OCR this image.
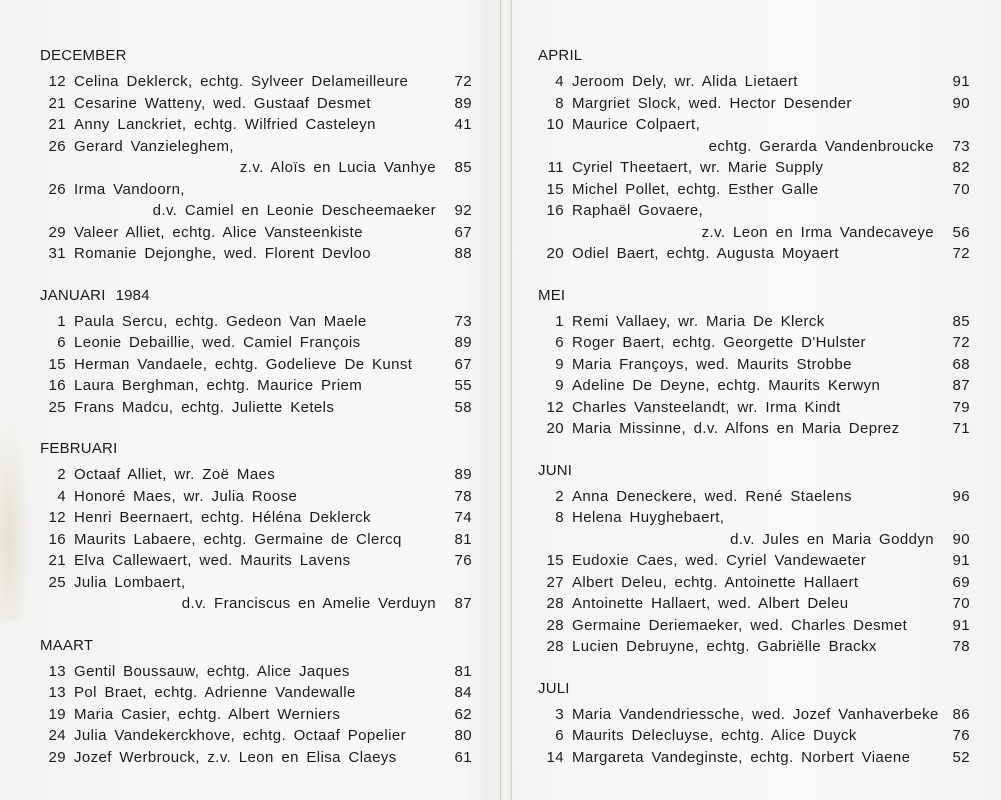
DECEMBER
12 Celina Deklerck, echtg. Sylveer Delameilleure	72
21 Cesarine Watteny, wed. Gustaaf Desmet	89
21 Anny Lanckriet, echtg. Wilfried Casteleyn	41
26 Gerard Vanzieleghem,
z.v. Aloïs en Lucia Vanhye	85
26 Irma Vandoorn,
d.v. Camiel en Leonie Descheemaeker	92
29 Valeer Alliet, echtg. Alice Vansteenkiste	67
31 Romanie Dejonghe, wed. Florent Devloo	88
JANUARI 1984
1 Paula Sercu, echtg. Gedeon Van Maele	73
6 Leonie Debaillie, wed. Camiel François	89
15 Herman Vandaele, echtg. Godelieve De Kunst	67
16 Laura Berghman, echtg. Maurice Priem	55
25 Frans Madcu, echtg. Juliette Ketels	58
FEBRUARI
2 Octaaf Alliet, wr. Zoë Maes	89
4 Honoré Maes, wr. Julia Roose	78
12 Henri Beernaert, echtg. Héléna Deklerck	74
16 Maurits Labaere, echtg. Germaine de Clercq	81
21 Elva Callewaert, wed. Maurits Lavens	76
25 Julia Lombaert,
d.v. Franciscus en Amelie Verduyn	87
MAART
13 Gentil Boussauw, echtg. Alice Jaques	81
13 Pol Braet, echtg. Adrienne Vandewalle	84
19 Maria Casier, echtg. Albert Werniers	62
24 Julia Vandekerckhove, echtg. Octaaf Popelier	80
29 Jozef Werbrouck, z.v. Leon en Elisa Claeys	61
APRIL
4 Jeroom Dely, wr. Alida Lietaert	91
8 Margriet Slock, wed. Hector Desender	90
10 Maurice Colpaert,
echtg. Gerarda Vandenbroucke	73
11 Cyriel Theetaert, wr. Marie Supply	82
15 Michel Pollet, echtg. Esther Galle	70
16 Raphaël Govaere,
z.v. Leon en Irma Vandecaveye	56
20 Odiel Baert, echtg. Augusta Moyaert	72
MEI
1 Remi Vallaey, wr. Maria De Klerck	85
6 Roger Baert, echtg. Georgette D'Hulster	72
9 Maria Françoys, wed. Maurits Strobbe	68
9 Adeline De Deyne, echtg. Maurits Kerwyn	87
12 Charles Vansteelandt, wr. Irma Kindt	79
20 Maria Missinne, d.v. Alfons en Maria Deprez	71
JUNI
2 Anna Deneckere, wed. René Staelens	96
8 Helena Huyghebaert,
d.v. Jules en Maria Goddyn	90
15 Eudoxie Caes, wed. Cyriel Vandewaeter	91
27 Albert Deleu, echtg. Antoinette Hallaert	69
28 Antoinette Hallaert, wed. Albert Deleu	70
28 Germaine Deriemaeker, wed. Charles Desmet	91
28 Lucien Debruyne, echtg. Gabriëlle Brackx	78
JULI
3 Maria Vandendriessche, wed. Jozef Vanhaverbeke 86
6 Maurits Delecluyse, echtg. Alice Duyck	76
14 Margareta Vandeginste, echtg. Norbert Viaene	52
